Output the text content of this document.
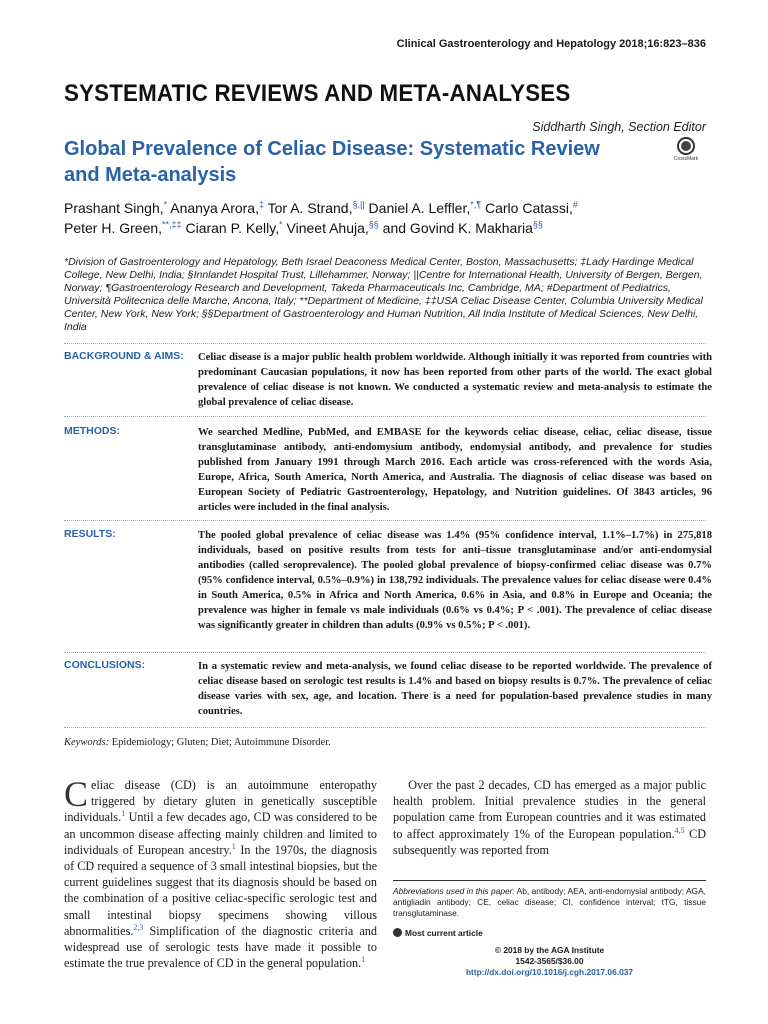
Clinical Gastroenterology and Hepatology 2018;16:823–836
SYSTEMATIC REVIEWS AND META-ANALYSES
Siddharth Singh, Section Editor
Global Prevalence of Celiac Disease: Systematic Review and Meta-analysis
CrossMark
Prashant Singh,* Ananya Arora,‡ Tor A. Strand,§,|| Daniel A. Leffler,*,¶ Carlo Catassi,#
Peter H. Green,**,‡‡ Ciaran P. Kelly,* Vineet Ahuja,§§ and Govind K. Makharia§§
*Division of Gastroenterology and Hepatology, Beth Israel Deaconess Medical Center, Boston, Massachusetts; ‡Lady Hardinge Medical College, New Delhi, India; §Innlandet Hospital Trust, Lillehammer, Norway; ||Centre for International Health, University of Bergen, Bergen, Norway; ¶Gastroenterology Research and Development, Takeda Pharmaceuticals Inc, Cambridge, MA; #Department of Pediatrics, Università Politecnica delle Marche, Ancona, Italy; **Department of Medicine, ‡‡USA Celiac Disease Center, Columbia University Medical Center, New York, New York; §§Department of Gastroenterology and Human Nutrition, All India Institute of Medical Sciences, New Delhi, India
BACKGROUND & AIMS: Celiac disease is a major public health problem worldwide. Although initially it was reported from countries with predominant Caucasian populations, it now has been reported from other parts of the world. The exact global prevalence of celiac disease is not known. We conducted a systematic review and meta-analysis to estimate the global prevalence of celiac disease.
METHODS:	We searched Medline, PubMed, and EMBASE for the keywords celiac disease, celiac, celiac disease, tissue transglutaminase antibody, anti-endomysium antibody, endomysial antibody, and prevalence for studies published from January 1991 through March 2016. Each article was cross-referenced with the words Asia, Europe, Africa, South America, North America, and Australia. The diagnosis of celiac disease was based on European Society of Pediatric Gastroenterology, Hepatology, and Nutrition guidelines. Of 3843 articles, 96 articles were included in the final analysis.
RESULTS:	The pooled global prevalence of celiac disease was 1.4% (95% confidence interval, 1.1%–1.7%) in 275,818 individuals, based on positive results from tests for anti–tissue transglutaminase and/or anti-endomysial antibodies (called seroprevalence). The pooled global prevalence of biopsy-confirmed celiac disease was 0.7% (95% confidence interval, 0.5%–0.9%) in 138,792 individuals. The prevalence values for celiac disease were 0.4% in South America, 0.5% in Africa and North America, 0.6% in Asia, and 0.8% in Europe and Oceania; the prevalence was higher in female vs male individuals (0.6% vs 0.4%; P < .001). The prevalence of celiac disease was significantly greater in children than adults (0.9% vs 0.5%; P < .001).
CONCLUSIONS:	In a systematic review and meta-analysis, we found celiac disease to be reported worldwide. The prevalence of celiac disease based on serologic test results is 1.4% and based on biopsy results is 0.7%. The prevalence of celiac disease varies with sex, age, and location. There is a need for population-based prevalence studies in many countries.
Keywords: Epidemiology; Gluten; Diet; Autoimmune Disorder.
Celiac disease (CD) is an autoimmune enteropathy triggered by dietary gluten in genetically susceptible individuals.$^1$ Until a few decades ago, CD was considered to be an uncommon disease affecting mainly children and limited to individuals of European ancestry.$^1$ In the 1970s, the diagnosis of CD required a sequence of 3 small intestinal biopsies, but the current guidelines suggest that its diagnosis should be based on the combination of a positive celiac-specific serologic test and small intestinal biopsy specimens showing villous abnormalities.$^{2,3}$ Simplification of the diagnostic criteria and widespread use of serologic tests have made it possible to estimate the true prevalence of CD in the general population.$^1$
Over the past 2 decades, CD has emerged as a major public health problem. Initial prevalence studies in the general population came from European countries and it was estimated to affect approximately 1% of the European population.$^{4,5}$ CD subsequently was reported from
Abbreviations used in this paper: Ab, antibody; AEA, anti-endomysial antibody; AGA, antigliadin antibody; CE, celiac disease; CI, confidence interval; tTG, tissue transglutaminase.
Most current article
© 2018 by the AGA Institute
1542-3565/$36.00
http://dx.doi.org/10.1016/j.cgh.2017.06.037
